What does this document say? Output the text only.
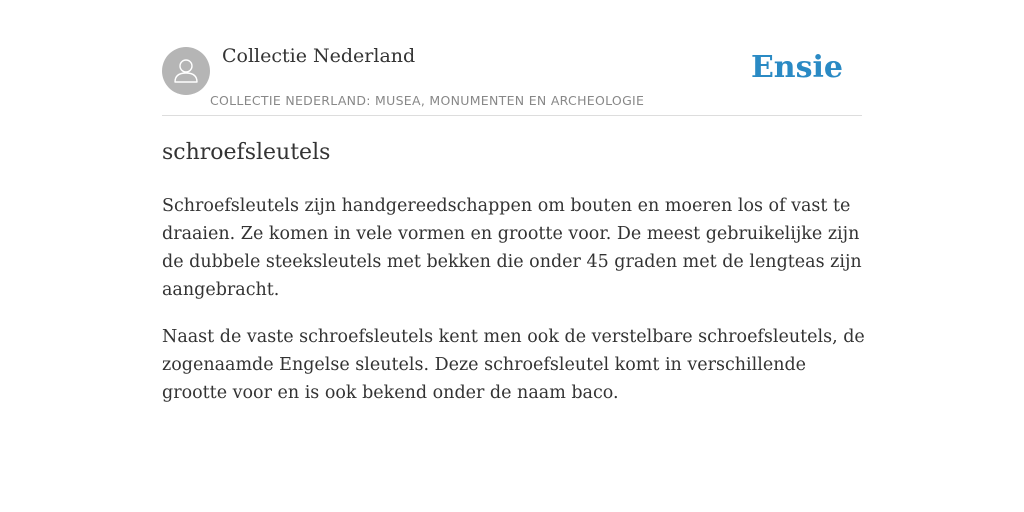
Collectie Nederland
COLLECTIE NEDERLAND: MUSEA, MONUMENTEN EN ARCHEOLOGIE
Ensie
schroefsleutels

Schroefsleutels zijn handgereedschappen om bouten en moeren los of vast te draaien. Ze komen in vele vormen en grootte voor. De meest gebruikelijke zijn de dubbele steeksleutels met bekken die onder 45 graden met de lengteas zijn aangebracht.

Naast de vaste schroefsleutels kent men ook de verstelbare schroefsleutels, de zogenaamde Engelse sleutels. Deze schroefsleutel komt in verschillende grootte voor en is ook bekend onder de naam baco.
